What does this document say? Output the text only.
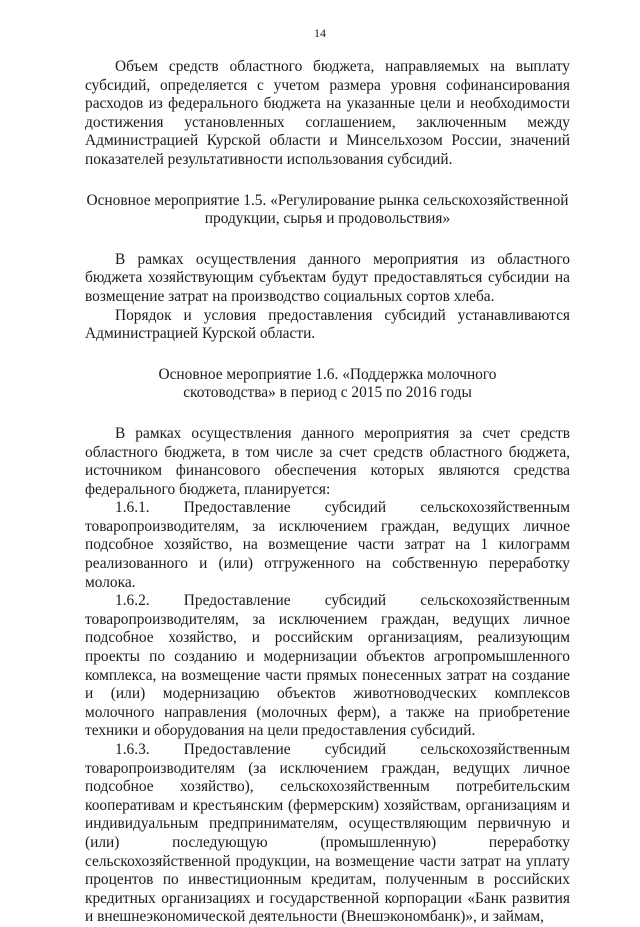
14

Объем средств областного бюджета, направляемых на выплату субсидий, определяется с учетом размера уровня софинансирования расходов из федерального бюджета на указанные цели и необходимости достижения установленных соглашением, заключенным между Администрацией Курской области и Минсельхозом России, значений показателей результативности использования субсидий.

Основное мероприятие 1.5. «Регулирование рынка сельскохозяйственной продукции, сырья и продовольствия»

В рамках осуществления данного мероприятия из областного бюджета хозяйствующим субъектам будут предоставляться субсидии на возмещение затрат на производство социальных сортов хлеба.

Порядок и условия предоставления субсидий устанавливаются Администрацией Курской области.

Основное мероприятие 1.6. «Поддержка молочного

скотоводства» в период с 2015 по 2016 годы

В рамках осуществления данного мероприятия за счет средств областного бюджета, в том числе за счет средств областного бюджета, источником финансового обеспечения которых являются средства федерального бюджета, планируется:

1.6.1. Предоставление субсидий сельскохозяйственным товаропроизводителям, за исключением граждан, ведущих личное подсобное хозяйство, на возмещение части затрат на 1 килограмм реализованного и (или) отгруженного на собственную переработку молока.

1.6.2. Предоставление субсидий сельскохозяйственным товаропроизводителям, за исключением граждан, ведущих личное подсобное хозяйство, и российским организациям, реализующим проекты по созданию и модернизации объектов агропромышленного комплекса, на возмещение части прямых понесенных затрат на создание и (или) модернизацию объектов животноводческих комплексов молочного направления (молочных ферм), а также на приобретение техники и оборудования на цели предоставления субсидий.

1.6.3. Предоставление субсидий сельскохозяйственным товаропроизводителям (за исключением граждан, ведущих личное подсобное хозяйство), сельскохозяйственным потребительским кооперативам и крестьянским (фермерским) хозяйствам, организациям и индивидуальным предпринимателям, осуществляющим первичную и (или) последующую (промышленную) переработку сельскохозяйственной продукции, на возмещение части затрат на уплату процентов по инвестиционным кредитам, полученным в российских кредитных организациях и государственной корпорации «Банк развития и внешнеэкономической деятельности (Внешэкономбанк)», и займам,
